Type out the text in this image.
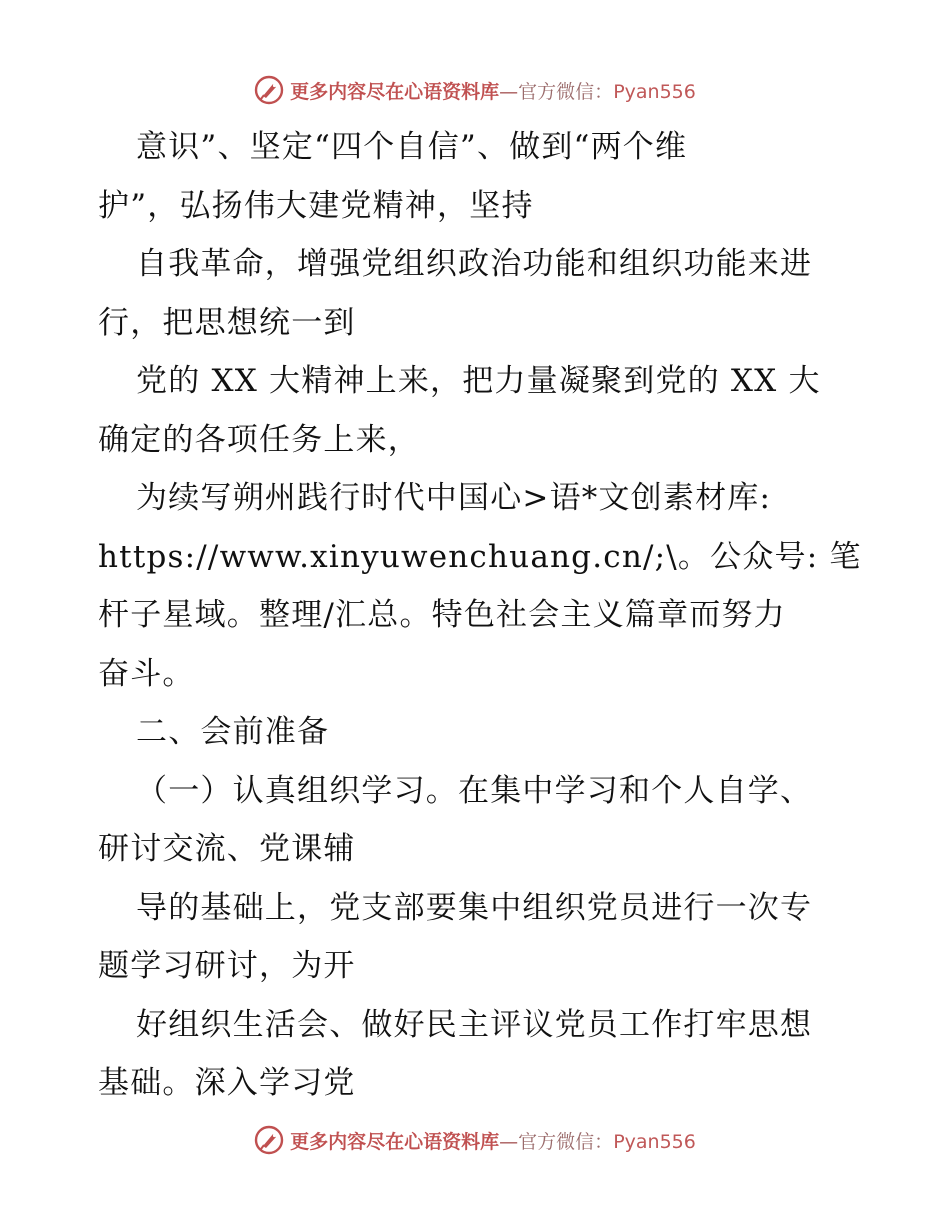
更多内容尽在心语资料库—官方微信：Pyan556
意识”、坚定“四个自信”、做到“两个维
护”，弘扬伟大建党精神，坚持
自我革命，增强党组织政治功能和组织功能来进
行，把思想统一到
党的 XX 大精神上来，把力量凝聚到党的 XX 大
确定的各项任务上来，
为续写朔州践行时代中国心>语*文创素材库:
https://www.xinyuwenchuang.cn/;\。公众号: 笔
杆子星域。整理/汇总。特色社会主义篇章而努力
奋斗。
二、会前准备
（一）认真组织学习。在集中学习和个人自学、
研讨交流、党课辅
导的基础上，党支部要集中组织党员进行一次专
题学习研讨，为开
好组织生活会、做好民主评议党员工作打牢思想
基础。深入学习党
更多内容尽在心语资料库—官方微信：Pyan556
